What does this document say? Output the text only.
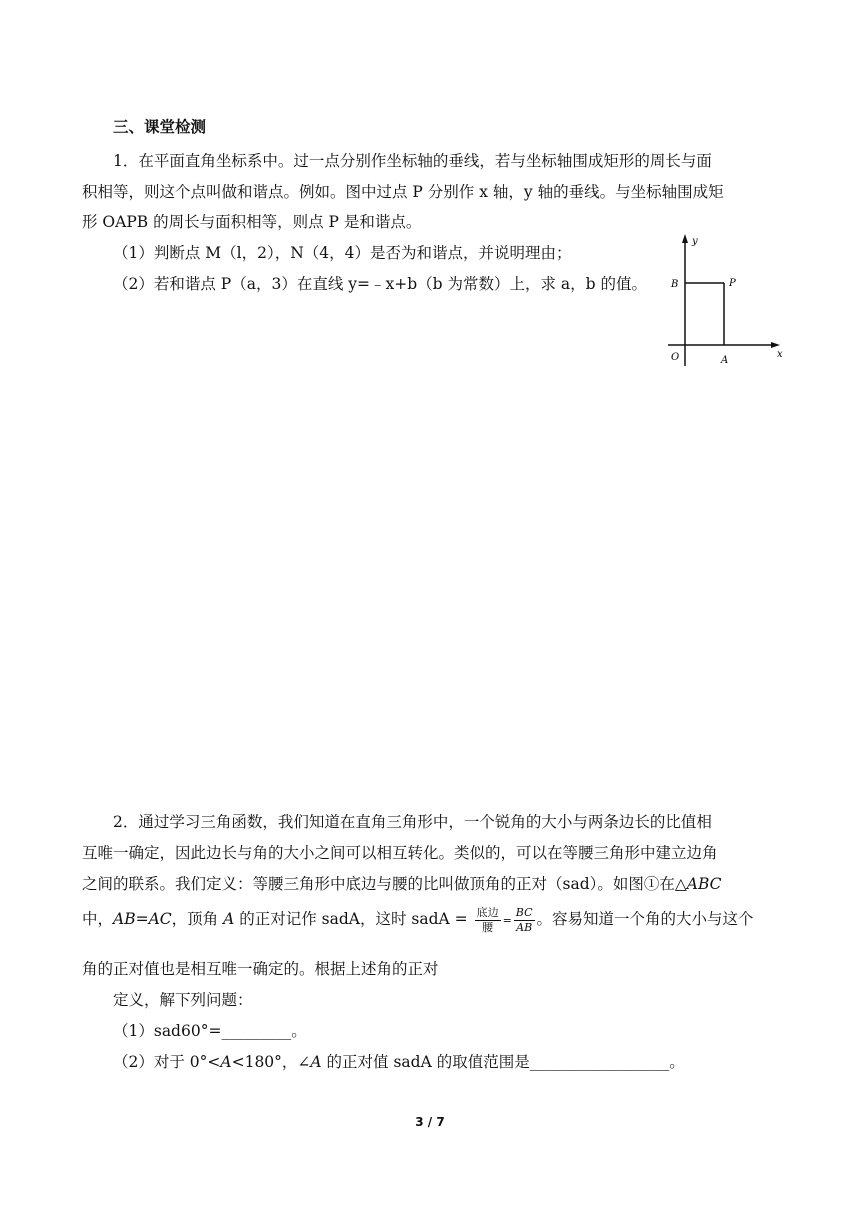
三、课堂检测
1．在平面直角坐标系中。过一点分别作坐标轴的垂线，若与坐标轴围成矩形的周长与面
积相等，则这个点叫做和谐点。例如。图中过点 P 分别作 x 轴，y 轴的垂线。与坐标轴围成矩
形 OAPB 的周长与面积相等，则点 P 是和谐点。
（1）判断点 M（l，2），N（4，4）是否为和谐点，并说明理由；
（2）若和谐点 P（a，3）在直线 y=﹣x+b（b 为常数）上，求 a，b 的值。
y
x
B	P
O	A
2．通过学习三角函数，我们知道在直角三角形中，一个锐角的大小与两条边长的比值相
互唯一确定，因此边长与角的大小之间可以相互转化。类似的，可以在等腰三角形中建立边角
之间的联系。我们定义：等腰三角形中底边与腰的比叫做顶角的正对（sad）。如图①在△ABC
中，AB=AC，顶角 A 的正对记作 sadA，这时 sadA = $\frac{\text{底边}}{\text{腰}} = \frac{BC}{AB}$ 。容易知道一个角的大小与这个
角的正对值也是相互唯一确定的。根据上述角的正对
定义，解下列问题：
（1）sad60°=_________。
（2）对于 0°<A<180°，∠A 的正对值 sadA 的取值范围是__________________。
3 / 7
